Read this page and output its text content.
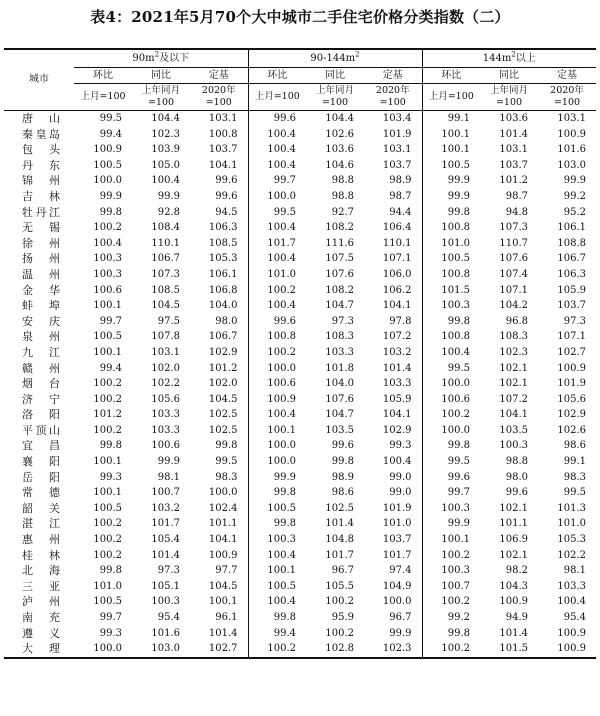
表4：2021年5月70个大中城市二手住宅价格分类指数（二）
城市	$90m^2$及以下			$90-144m^2$			$144m^2$以上		
	环比	同比	定基	环比	同比	定基	环比	同比	定基
	上月=100	上年同月=100	2020年=100	上月=100	上年同月=100	2020年=100	上月=100	上年同月=100	2020年=100
唐山	99.5	104.4	103.1	99.6	104.4	103.4	99.1	103.6	103.1
秦皇岛	99.4	102.3	100.8	100.4	102.6	101.9	100.1	101.4	100.9
包头	100.9	103.9	103.7	100.4	103.6	103.1	100.1	103.1	101.6
丹东	100.5	105.0	104.1	100.4	104.6	103.7	100.5	103.7	103.0
锦州	100.0	100.4	99.6	99.7	98.8	98.9	99.9	101.2	99.9
吉林	99.9	99.9	99.6	100.0	98.8	98.7	99.9	98.7	99.2
牡丹江	99.8	92.8	94.5	99.5	92.7	94.4	99.8	94.8	95.2
无锡	100.2	108.4	106.3	100.4	108.2	106.4	100.8	107.3	106.1
徐州	100.4	110.1	108.5	101.7	111.6	110.1	101.0	110.7	108.8
扬州	100.3	106.7	105.3	100.4	107.5	107.1	100.5	107.6	106.7
温州	100.3	107.3	106.1	101.0	107.6	106.0	100.8	107.4	106.3
金华	100.6	108.5	106.8	100.2	108.2	106.2	101.5	107.1	105.9
蚌埠	100.1	104.5	104.0	100.4	104.7	104.1	100.3	104.2	103.7
安庆	99.7	97.5	98.0	99.6	97.3	97.8	99.8	96.8	97.3
泉州	100.5	107.8	106.7	100.8	108.3	107.2	100.8	108.3	107.1
九江	100.1	103.1	102.9	100.2	103.3	103.2	100.4	102.3	102.7
赣州	99.4	102.0	101.2	100.0	101.8	101.4	99.5	102.1	100.9
烟台	100.2	102.2	102.0	100.6	104.0	103.3	100.0	102.1	101.9
济宁	100.2	105.6	104.5	100.9	107.6	105.9	100.6	107.2	105.6
洛阳	101.2	103.3	102.5	100.4	104.7	104.1	100.2	104.1	102.9
平顶山	100.2	103.3	102.5	100.1	103.5	102.9	100.0	103.5	102.6
宜昌	99.8	100.6	99.8	100.0	99.6	99.3	99.8	100.3	98.6
襄阳	100.1	99.9	99.5	100.0	99.8	100.4	99.5	98.8	99.1
岳阳	99.3	98.1	98.3	99.9	98.9	99.0	99.6	98.0	98.3
常德	100.1	100.7	100.0	99.8	98.6	99.0	99.7	99.6	99.5
韶关	100.5	103.2	102.4	100.5	102.5	101.9	100.3	102.1	101.3
湛江	100.2	101.7	101.1	99.8	101.4	101.0	99.9	101.1	101.0
惠州	100.2	105.4	104.1	100.3	104.8	103.7	100.1	106.9	105.3
桂林	100.2	101.4	100.9	100.4	101.7	101.7	100.2	102.1	102.2
北海	99.8	97.3	97.7	100.1	96.7	97.4	100.3	98.2	98.1
三亚	101.0	105.1	104.5	100.5	105.5	104.9	100.7	104.3	103.3
泸州	100.5	100.3	100.1	100.4	100.2	100.0	100.2	100.9	100.4
南充	99.7	95.4	96.1	99.8	95.9	96.7	99.2	94.9	95.4
遵义	99.3	101.6	101.4	99.4	100.2	99.9	99.8	101.4	100.9
大理	100.0	103.0	102.7	100.2	102.8	102.3	100.2	101.5	100.9
